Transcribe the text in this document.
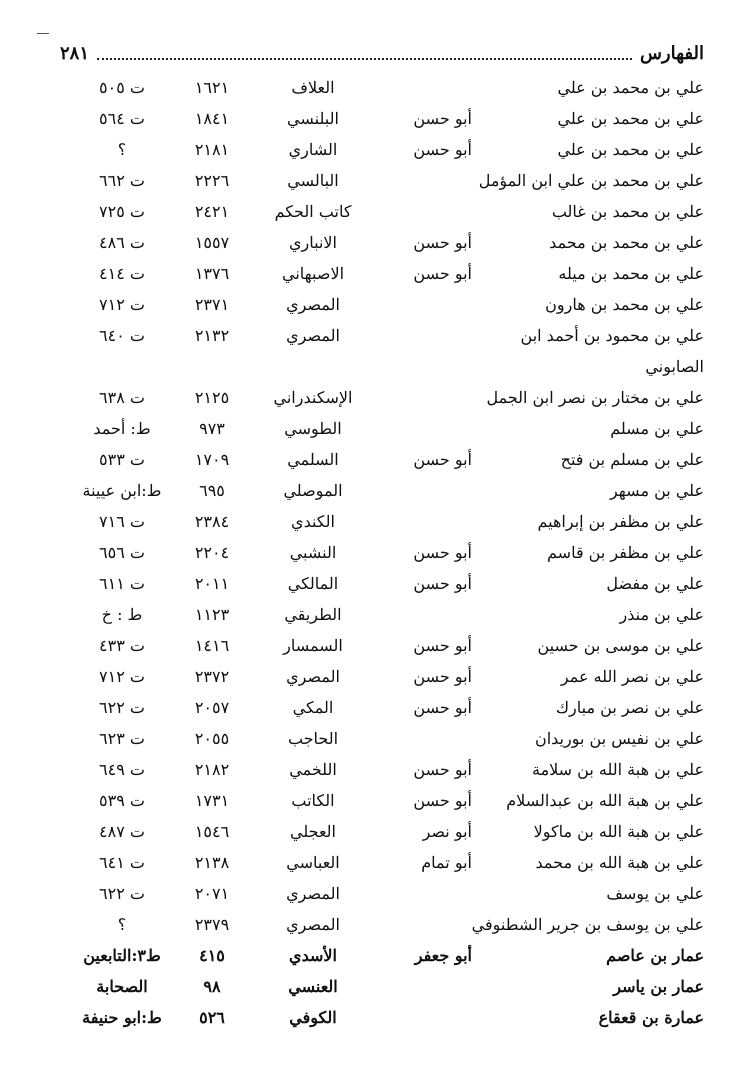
الفهارس
٢٨١
علي بن محمد بن علي
العلاف
١٦٢١
ت ٥٠٥
علي بن محمد بن علي
أبو حسن
البلنسي
١٨٤١
ت ٥٦٤
علي بن محمد بن علي
أبو حسن
الشاري
٢١٨١
؟
علي بن محمد بن علي ابن المؤمل
البالسي
٢٢٢٦
ت ٦٦٢
علي بن محمد بن غالب
كاتب الحكم
٢٤٢١
ت ٧٢٥
علي بن محمد بن محمد
أبو حسن
الانباري
١٥٥٧
ت ٤٨٦
علي بن محمد بن ميله
أبو حسن
الاصبهاني
١٣٧٦
ت ٤١٤
علي بن محمد بن هارون
المصري
٢٣٧١
ت ٧١٢
علي بن محمود بن أحمد ابن
المصري
٢١٣٢
ت ٦٤٠
الصابوني
علي بن مختار بن نصر ابن الجمل
الإسكندراني
٢١٢٥
ت ٦٣٨
علي بن مسلم
الطوسي
٩٧٣
ط: أحمد
علي بن مسلم بن فتح
أبو حسن
السلمي
١٧٠٩
ت ٥٣٣
علي بن مسهر
الموصلي
٦٩٥
ط:ابن عيينة
علي بن مظفر بن إبراهيم
الكندي
٢٣٨٤
ت ٧١٦
علي بن مظفر بن قاسم
أبو حسن
النشبي
٢٢٠٤
ت ٦٥٦
علي بن مفضل
أبو حسن
المالكي
٢٠١١
ت ٦١١
علي بن منذر
الطريقي
١١٢٣
ط : خ
علي بن موسى بن حسين
أبو حسن
السمسار
١٤١٦
ت ٤٣٣
علي بن نصر الله عمر
أبو حسن
المصري
٢٣٧٢
ت ٧١٢
علي بن نصر بن مبارك
أبو حسن
المكي
٢٠٥٧
ت ٦٢٢
علي بن نفيس بن بوريدان
الحاجب
٢٠٥٥
ت ٦٢٣
علي بن هبة الله بن سلامة
أبو حسن
اللخمي
٢١٨٢
ت ٦٤٩
علي بن هبة الله بن عبدالسلام
أبو حسن
الكاتب
١٧٣١
ت ٥٣٩
علي بن هبة الله بن ماكولا
أبو نصر
العجلي
١٥٤٦
ت ٤٨٧
علي بن هبة الله بن محمد
أبو تمام
العباسي
٢١٣٨
ت ٦٤١
علي بن يوسف
المصري
٢٠٧١
ت ٦٢٢
علي بن يوسف بن جرير الشطنوفي
المصري
٢٣٧٩
؟
عمار بن عاصم
أبو جعفر
الأسدي
٤١٥
ط٣:التابعين
عمار بن ياسر
العنسي
٩٨
الصحابة
عمارة بن قعقاع
الكوفي
٥٢٦
ط:ابو حنيفة
